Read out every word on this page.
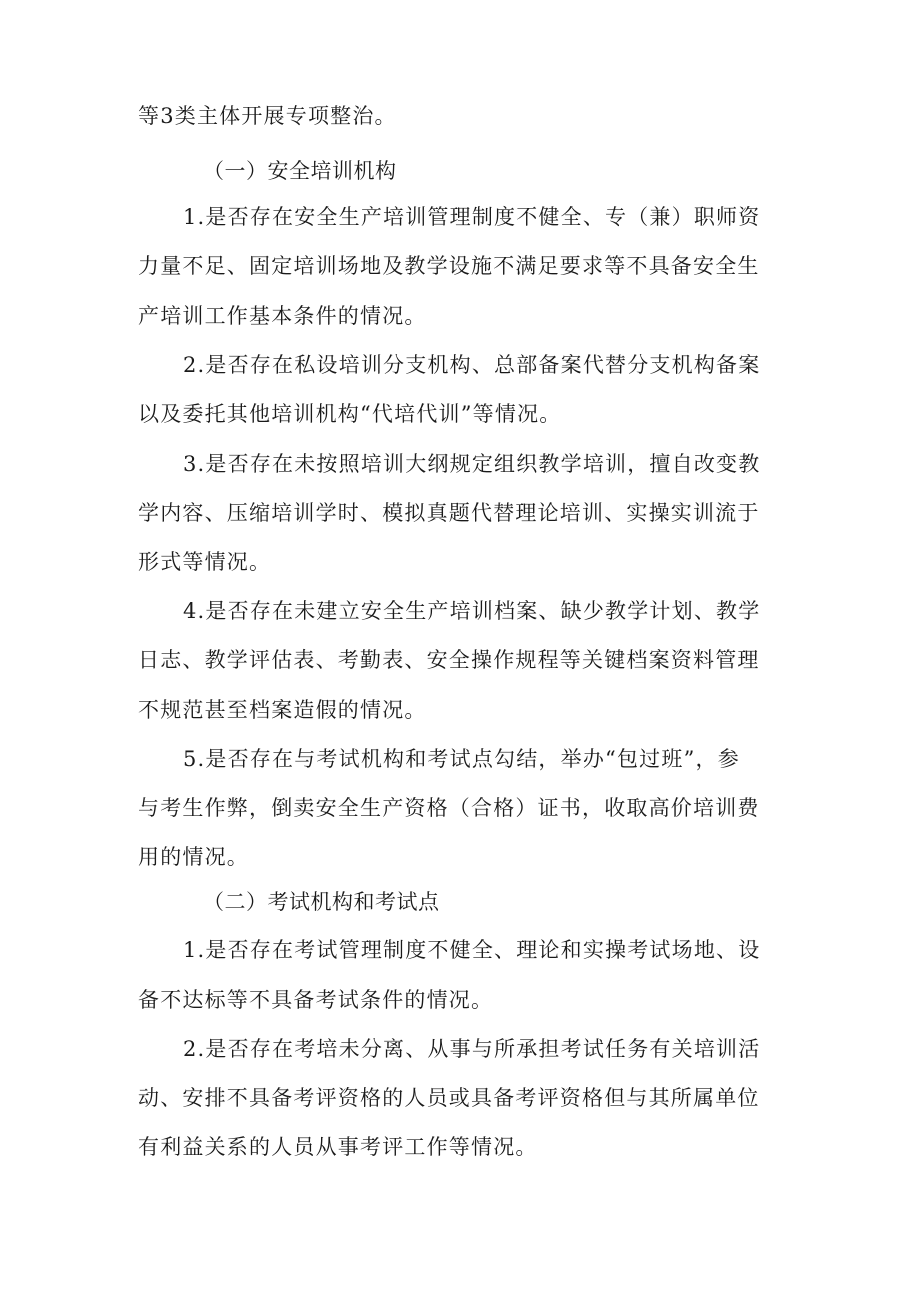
等3类主体开展专项整治。
（一）安全培训机构
1.是否存在安全生产培训管理制度不健全、专（兼）职师资
力量不足、固定培训场地及教学设施不满足要求等不具备安全生
产培训工作基本条件的情况。
2.是否存在私设培训分支机构、总部备案代替分支机构备案
以及委托其他培训机构“代培代训”等情况。
3.是否存在未按照培训大纲规定组织教学培训，擅自改变教
学内容、压缩培训学时、模拟真题代替理论培训、实操实训流于
形式等情况。
4.是否存在未建立安全生产培训档案、缺少教学计划、教学
日志、教学评估表、考勤表、安全操作规程等关键档案资料管理
不规范甚至档案造假的情况。
5.是否存在与考试机构和考试点勾结，举办“包过班”，参
与考生作弊，倒卖安全生产资格（合格）证书，收取高价培训费
用的情况。
（二）考试机构和考试点
1.是否存在考试管理制度不健全、理论和实操考试场地、设
备不达标等不具备考试条件的情况。
2.是否存在考培未分离、从事与所承担考试任务有关培训活
动、安排不具备考评资格的人员或具备考评资格但与其所属单位
有利益关系的人员从事考评工作等情况。
